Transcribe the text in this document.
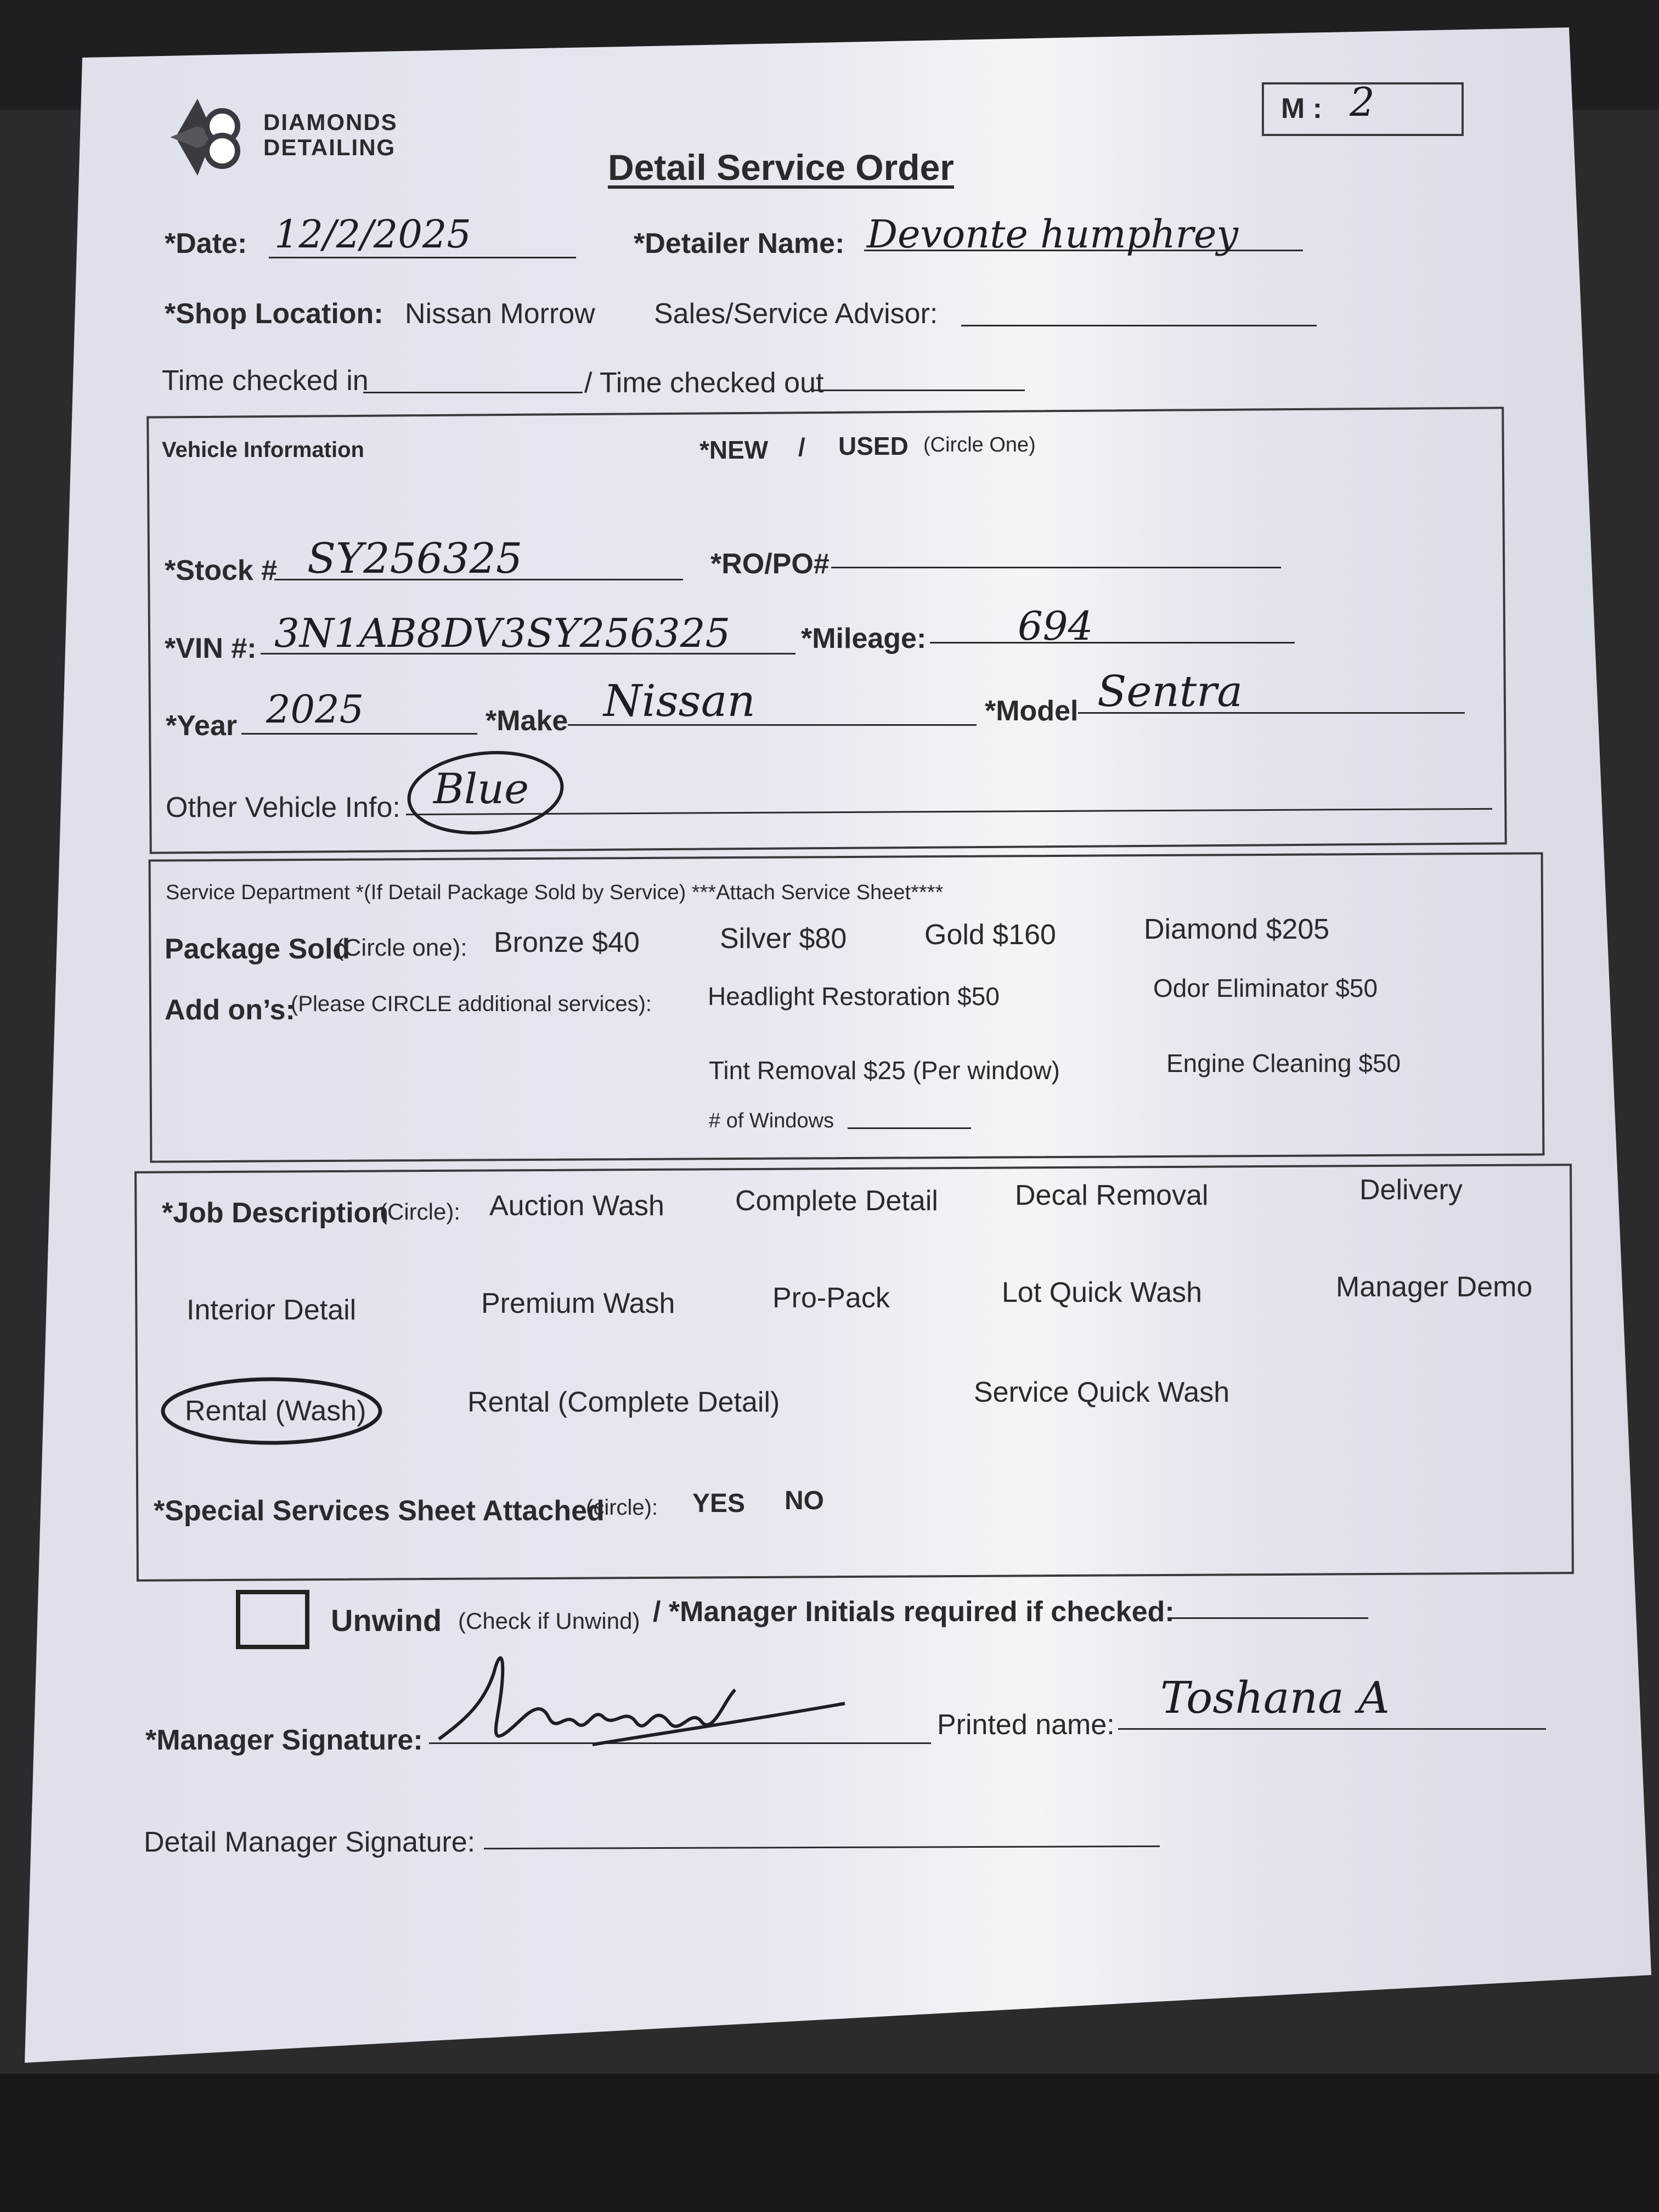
DIAMONDS
DETAILING
M : 2
Detail Service Order
*Date: 12/2/2025	*Detailer Name: Devonte humphrey
*Shop Location: Nissan Morrow Sales/Service Advisor:
Time checked in	/ Time checked out
Vehicle Information	*NEW / USED (Circle One)
*Stock # SY256325	*RO/PO#
*VIN #: 3N1AB8DV3SY256325 *Mileage: 694
*Year 2025	*Make Nissan	*Model Sentra
Other Vehicle Info: Blue
Service Department *(If Detail Package Sold by Service) ***Attach Service Sheet****
Package Sold
(Circle one): Bronze $40	Silver $80	Gold $160	Diamond $205
Add on’s:
(Please CIRCLE additional services): Headlight Restoration $50	Odor Eliminator $50
Tint Removal $25 (Per window)	Engine Cleaning $50
# of Windows
*Job Description
(Circle): Auction Wash Complete Detail	Decal Removal	Delivery
Interior Detail	Premium Wash	Pro-Pack	Lot Quick Wash	Manager Demo
Rental (Wash)	Rental (Complete Detail)	Service Quick Wash
*Special Services Sheet Attached
(circle): YES NO
Unwind (Check if Unwind) / *Manager Initials required if checked:
*Manager Signature:	Printed name:
Toshana A
Detail Manager Signature:
